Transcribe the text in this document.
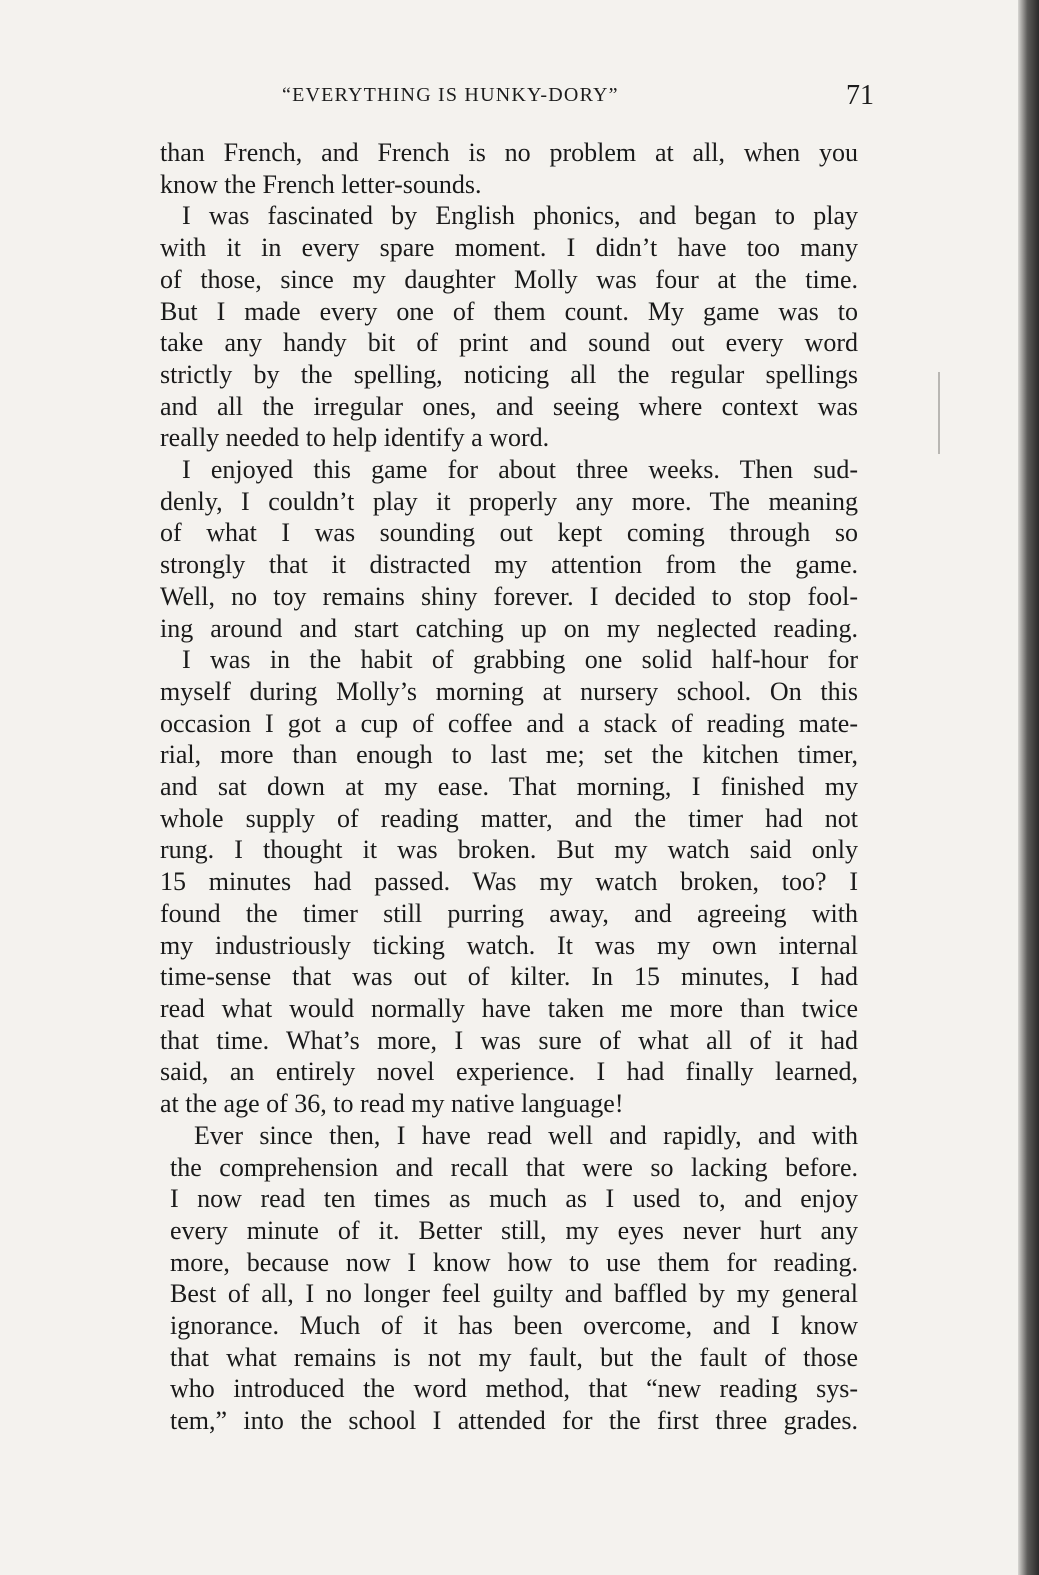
“EVERYTHING IS HUNKY-DORY”	71
than French, and French is no problem at all, when you
know the French letter-sounds.
I was fascinated by English phonics, and began to play
with it in every spare moment. I didn’t have too many
of those, since my daughter Molly was four at the time.
But I made every one of them count. My game was to
take any handy bit of print and sound out every word
strictly by the spelling, noticing all the regular spellings
and all the irregular ones, and seeing where context was
really needed to help identify a word.
I enjoyed this game for about three weeks. Then sud-
denly, I couldn’t play it properly any more. The meaning
of what I was sounding out kept coming through so
strongly that it distracted my attention from the game.
Well, no toy remains shiny forever. I decided to stop fool-
ing around and start catching up on my neglected reading.
I was in the habit of grabbing one solid half-hour for
myself during Molly’s morning at nursery school. On this
occasion I got a cup of coffee and a stack of reading mate-
rial, more than enough to last me; set the kitchen timer,
and sat down at my ease. That morning, I finished my
whole supply of reading matter, and the timer had not
rung. I thought it was broken. But my watch said only
15 minutes had passed. Was my watch broken, too? I
found the timer still purring away, and agreeing with
my industriously ticking watch. It was my own internal
time-sense that was out of kilter. In 15 minutes, I had
read what would normally have taken me more than twice
that time. What’s more, I was sure of what all of it had
said, an entirely novel experience. I had finally learned,
at the age of 36, to read my native language!
Ever since then, I have read well and rapidly, and with
the comprehension and recall that were so lacking before.
I now read ten times as much as I used to, and enjoy
every minute of it. Better still, my eyes never hurt any
more, because now I know how to use them for reading.
Best of all, I no longer feel guilty and baffled by my general
ignorance. Much of it has been overcome, and I know
that what remains is not my fault, but the fault of those
who introduced the word method, that “new reading sys-
tem,” into the school I attended for the first three grades.
